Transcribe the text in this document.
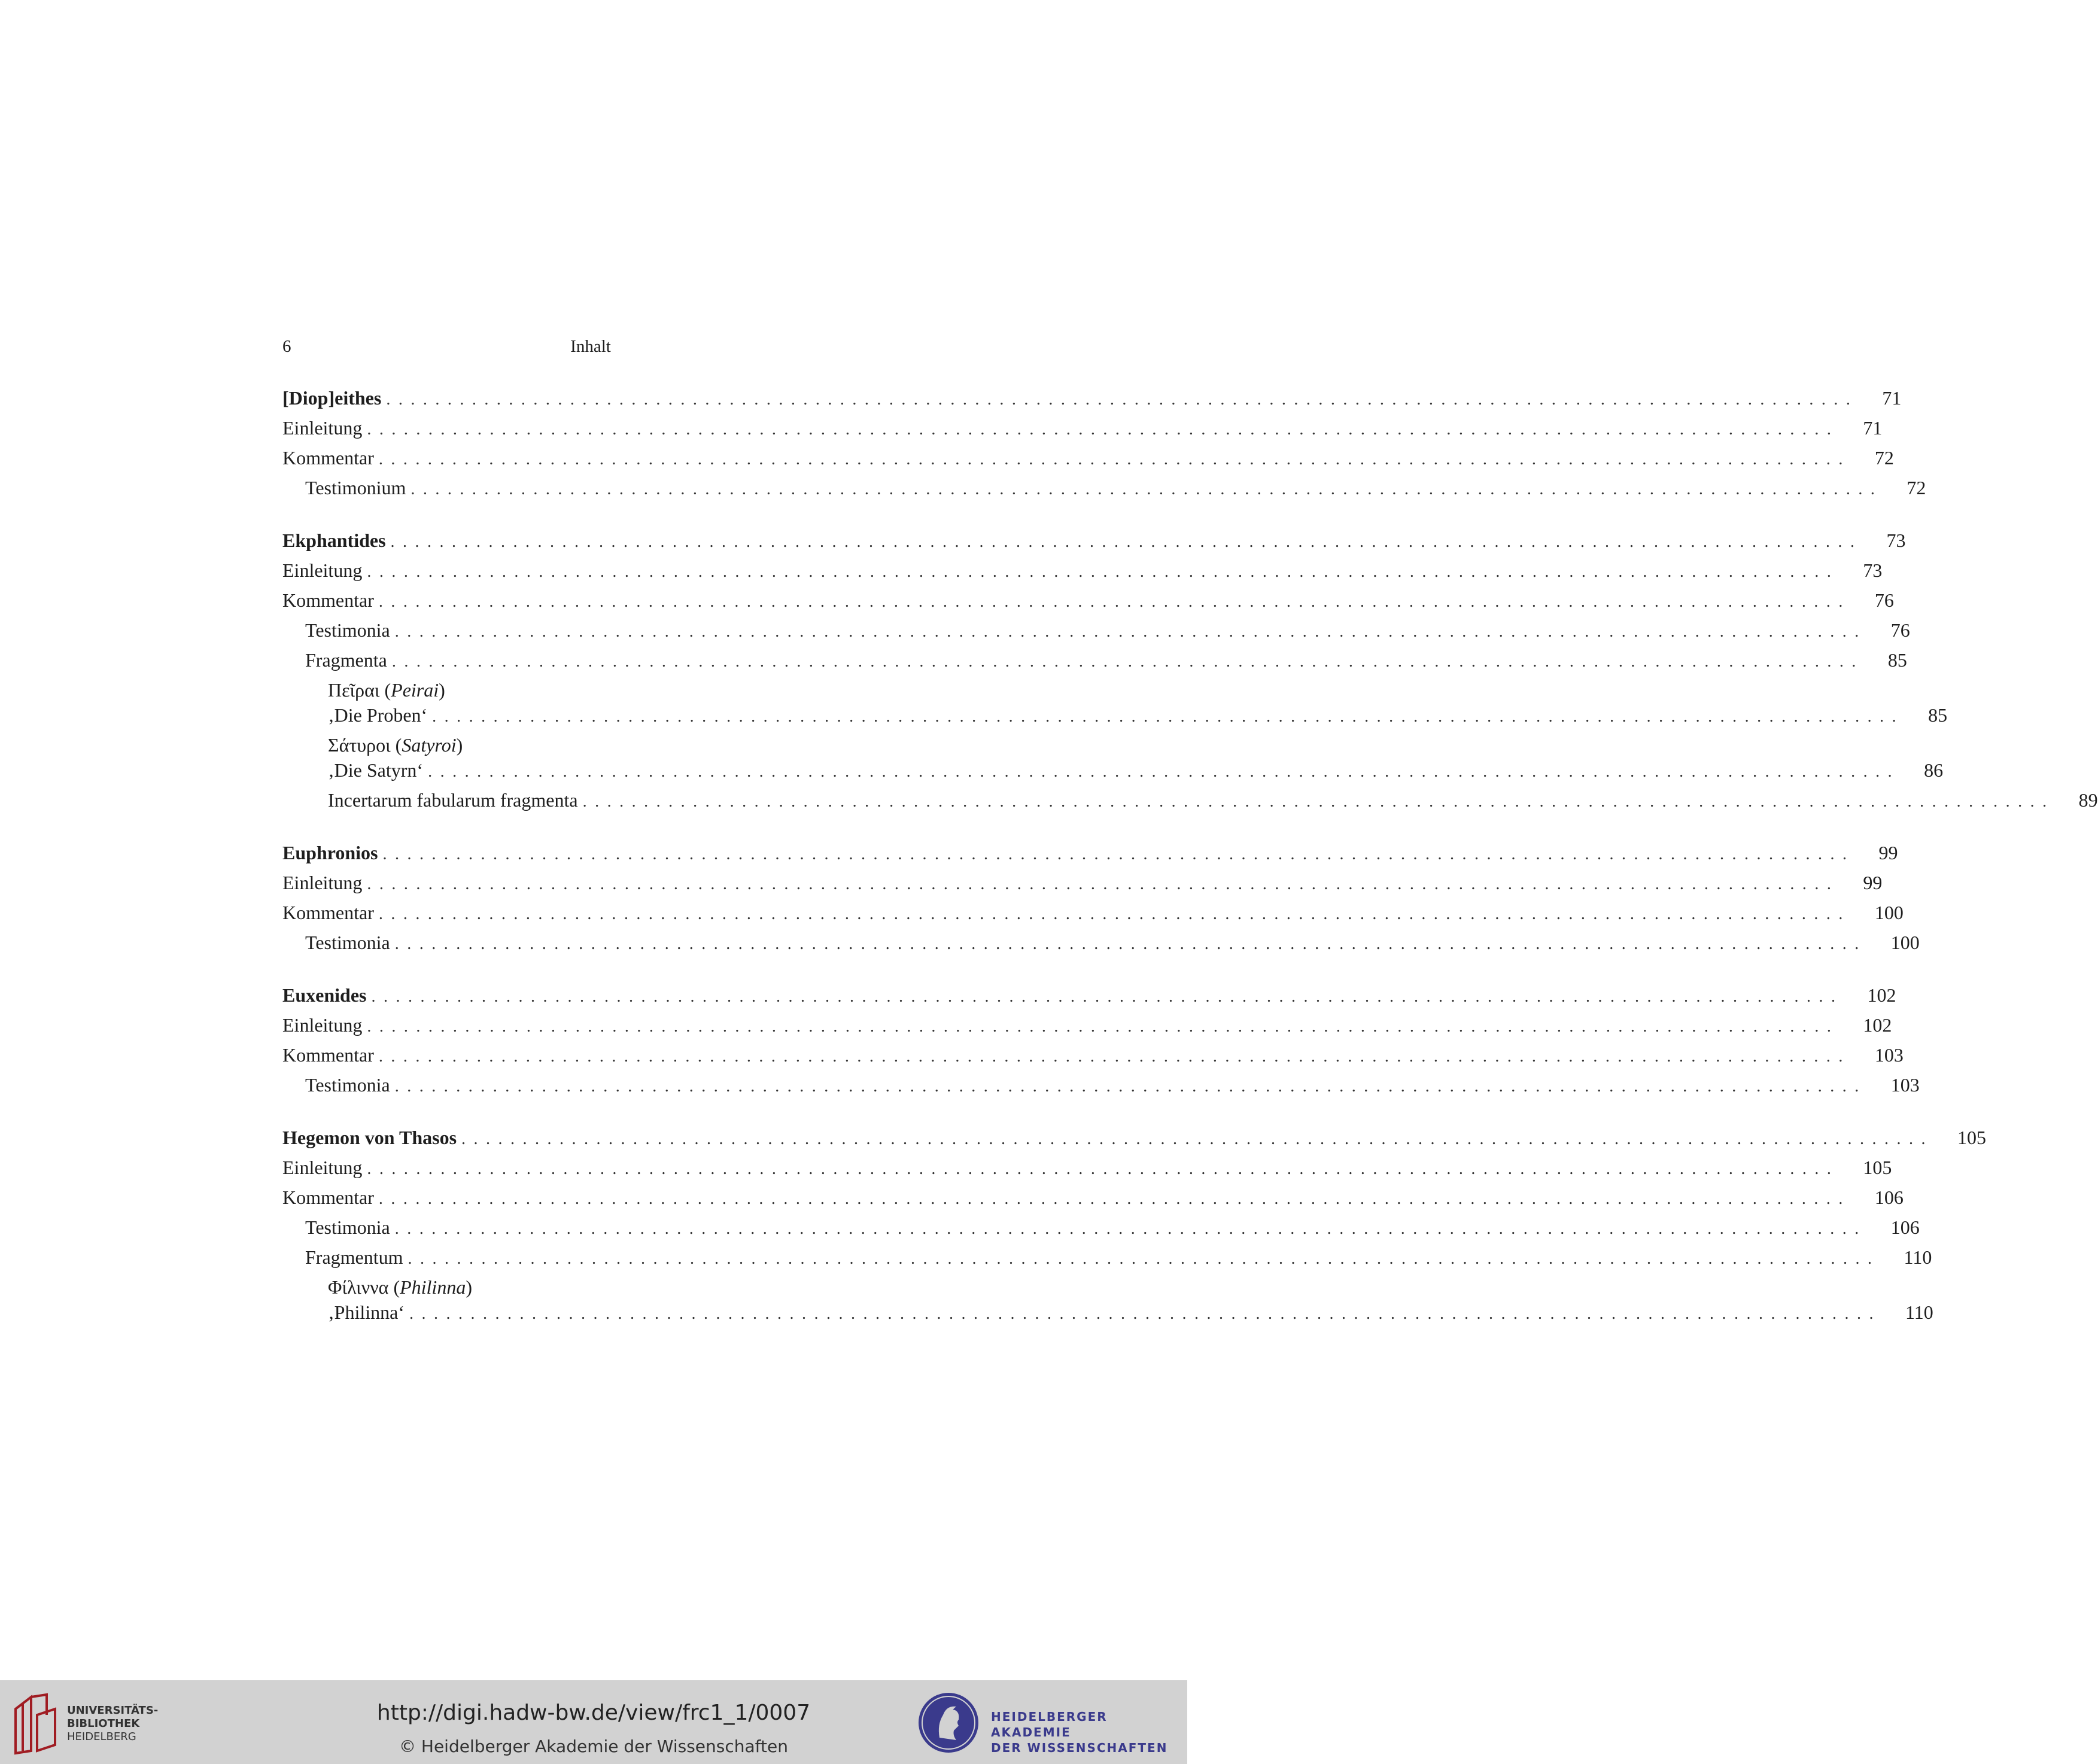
6	Inhalt
[Diop]eithes ........................................................................................................................ 71
Einleitung ........................................................................................................................ 71
Kommentar ........................................................................................................................ 72
Testimonium ........................................................................................................................ 72
Ekphantides ........................................................................................................................ 73
Einleitung ........................................................................................................................ 73
Kommentar ........................................................................................................................ 76
Testimonia ........................................................................................................................ 76
Fragmenta ........................................................................................................................ 85
Πεῖραι (Peirai)
‚Die Proben‘ ........................................................................................................................ 85
Σάτυροι (Satyroi)
‚Die Satyrn‘ ........................................................................................................................ 86
Incertarum fabularum fragmenta ........................................................................................................................ 89
Euphronios ........................................................................................................................ 99
Einleitung ........................................................................................................................ 99
Kommentar ........................................................................................................................ 100
Testimonia ........................................................................................................................ 100
Euxenides ........................................................................................................................ 102
Einleitung ........................................................................................................................ 102
Kommentar ........................................................................................................................ 103
Testimonia ........................................................................................................................ 103
Hegemon von Thasos ........................................................................................................................ 105
Einleitung ........................................................................................................................ 105
Kommentar ........................................................................................................................ 106
Testimonia ........................................................................................................................ 106
Fragmentum ........................................................................................................................ 110
Φίλιννα (Philinna)
‚Philinna‘ ........................................................................................................................ 110
UNIVERSITÄTS-
BIBLIOTHEK
HEIDELBERG
http://digi.hadw-bw.de/view/frc1_1/0007
© Heidelberger Akademie der Wissenschaften
HEIDELBERGER AKADEMIE
DER WISSENSCHAFTEN
